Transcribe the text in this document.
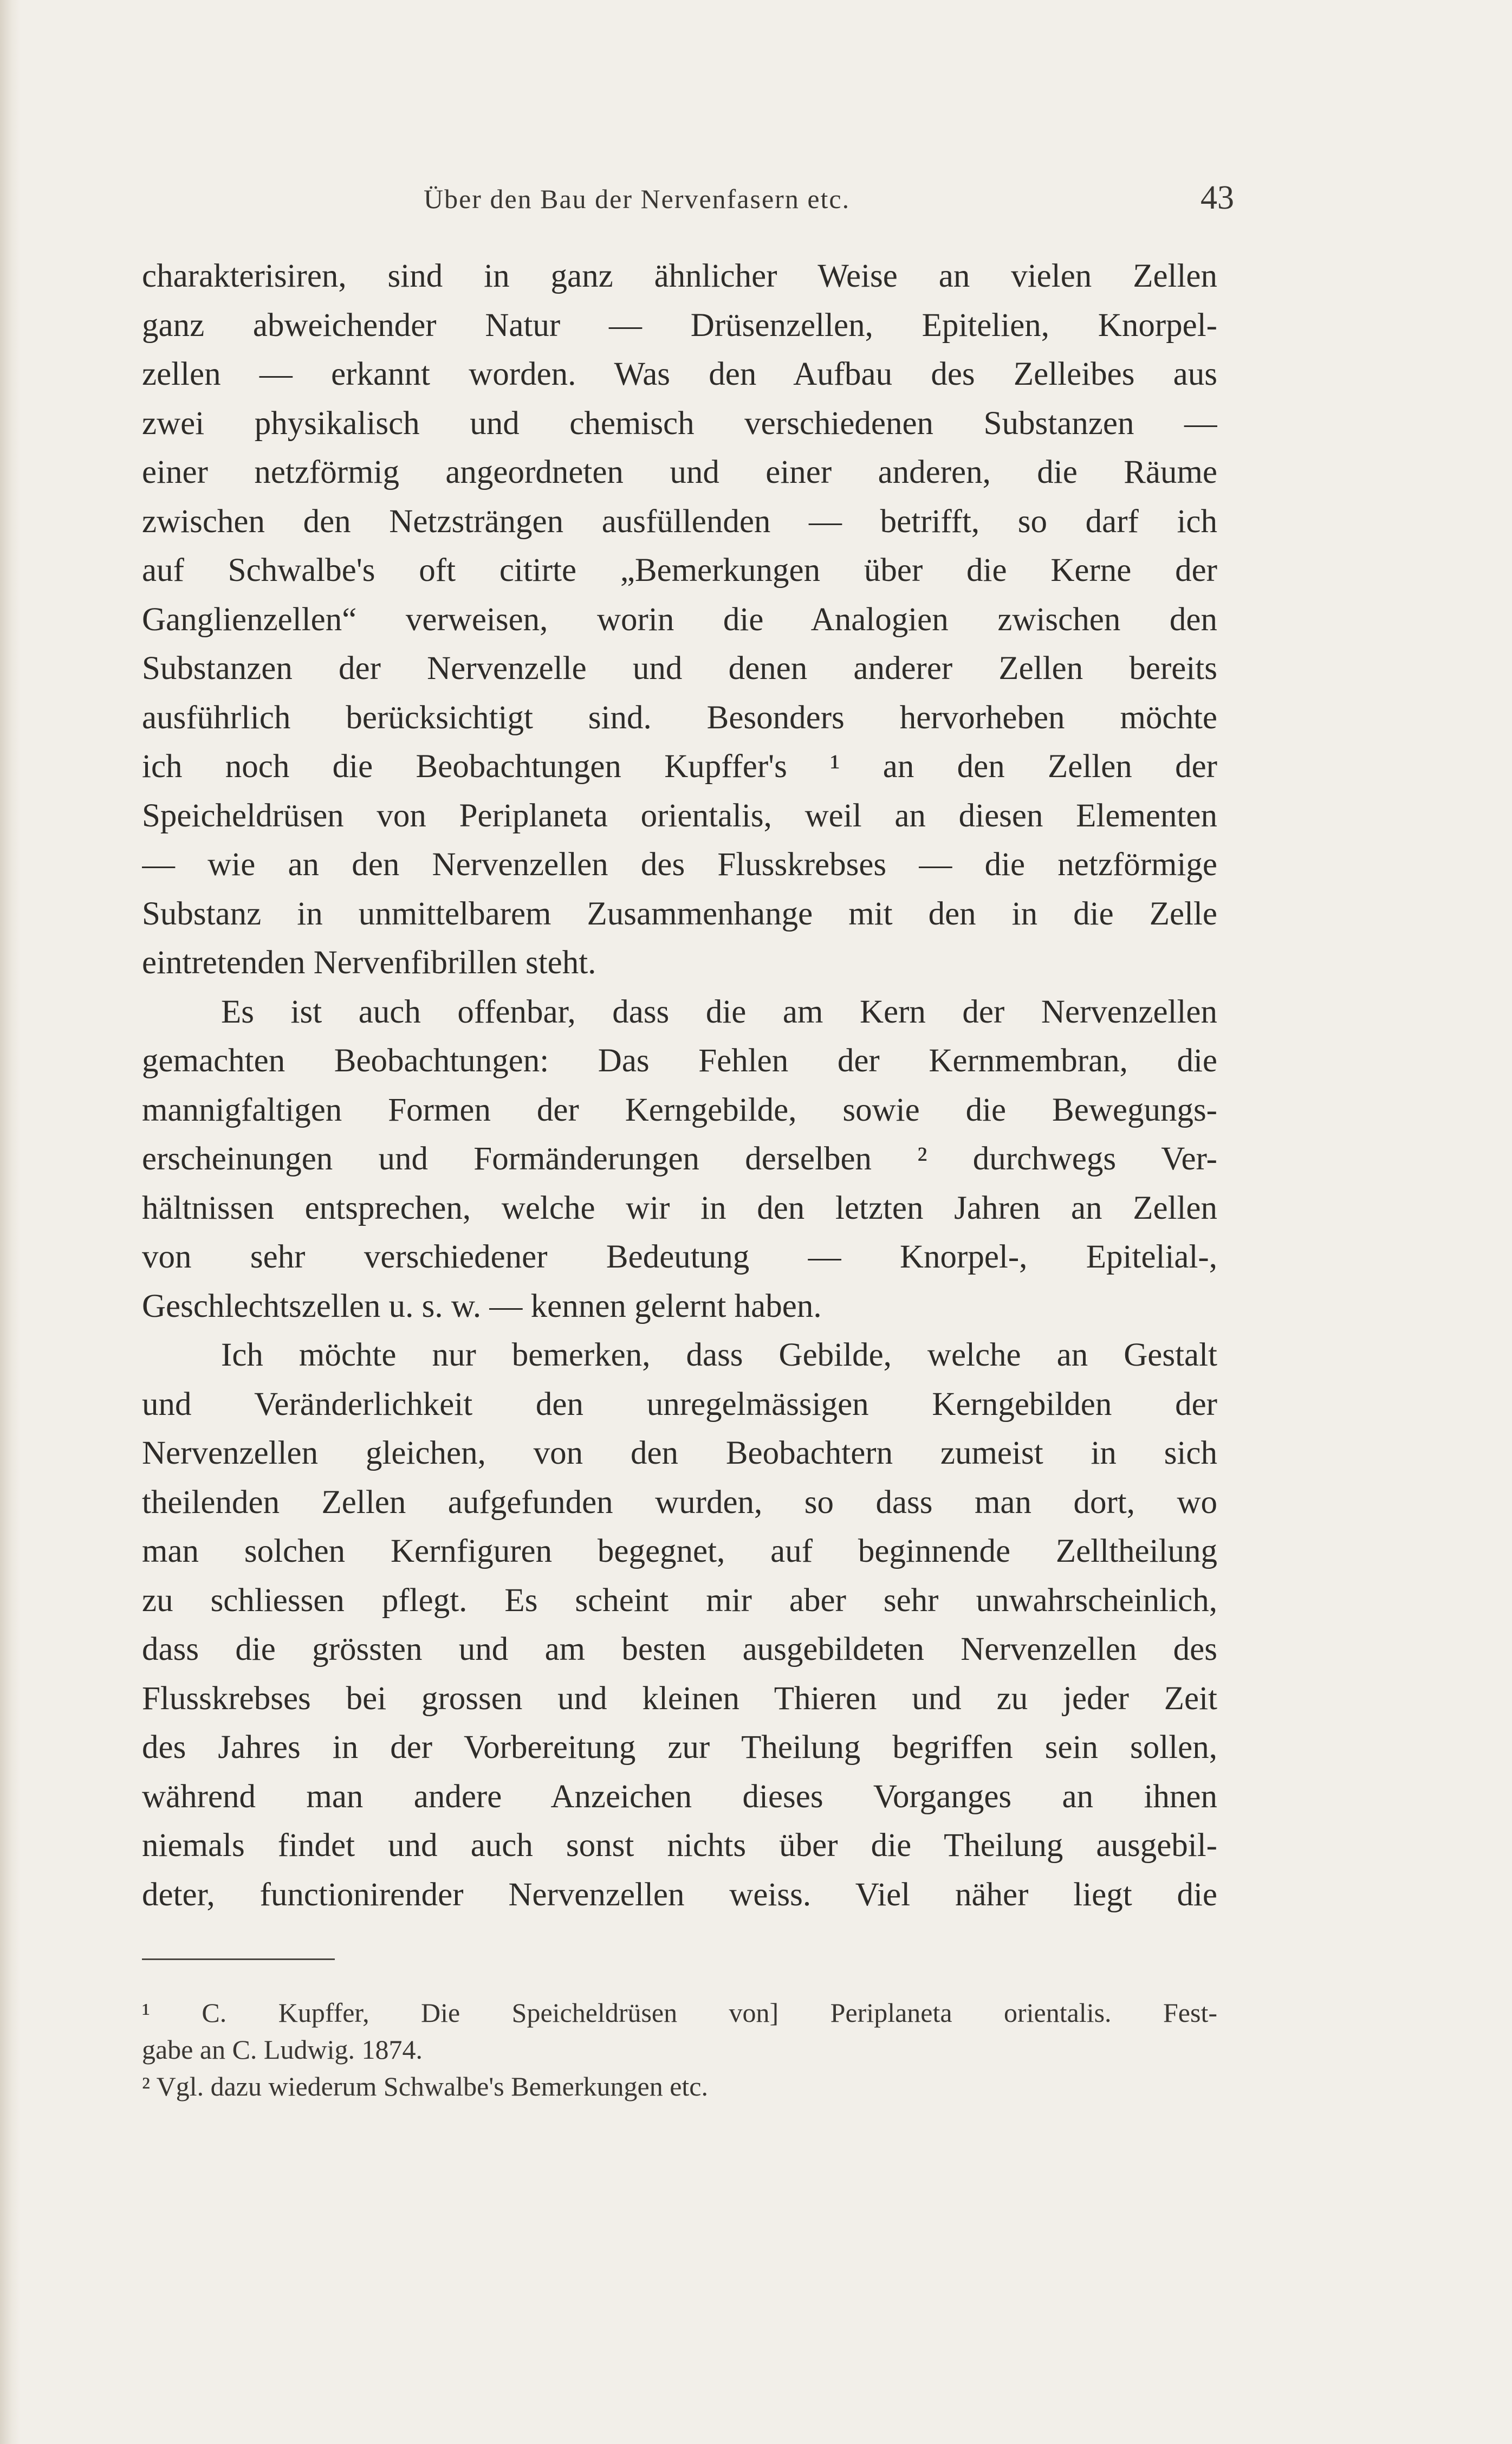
Über den Bau der Nervenfasern etc.	43
charakterisiren, sind in ganz ähnlicher Weise an vielen Zellen
ganz abweichender Natur — Drüsenzellen, Epitelien, Knorpel-
zellen — erkannt worden. Was den Aufbau des Zelleibes aus
zwei physikalisch und chemisch verschiedenen Substanzen —
einer netzförmig angeordneten und einer anderen, die Räume
zwischen den Netzsträngen ausfüllenden — betrifft, so darf ich
auf Schwalbe's oft citirte „Bemerkungen über die Kerne der
Ganglienzellen“ verweisen, worin die Analogien zwischen den
Substanzen der Nervenzelle und denen anderer Zellen bereits
ausführlich berücksichtigt sind. Besonders hervorheben möchte
ich noch die Beobachtungen Kupffer's ¹ an den Zellen der
Speicheldrüsen von Periplaneta orientalis, weil an diesen Elementen
— wie an den Nervenzellen des Flusskrebses — die netzförmige
Substanz in unmittelbarem Zusammenhange mit den in die Zelle
eintretenden Nervenfibrillen steht.
Es ist auch offenbar, dass die am Kern der Nervenzellen
gemachten Beobachtungen: Das Fehlen der Kernmembran, die
mannigfaltigen Formen der Kerngebilde, sowie die Bewegungs-
erscheinungen und Formänderungen derselben ² durchwegs Ver-
hältnissen entsprechen, welche wir in den letzten Jahren an Zellen
von sehr verschiedener Bedeutung — Knorpel-, Epitelial-,
Geschlechtszellen u. s. w. — kennen gelernt haben.
Ich möchte nur bemerken, dass Gebilde, welche an Gestalt
und Veränderlichkeit den unregelmässigen Kerngebilden der
Nervenzellen gleichen, von den Beobachtern zumeist in sich
theilenden Zellen aufgefunden wurden, so dass man dort, wo
man solchen Kernfiguren begegnet, auf beginnende Zelltheilung
zu schliessen pflegt. Es scheint mir aber sehr unwahrscheinlich,
dass die grössten und am besten ausgebildeten Nervenzellen des
Flusskrebses bei grossen und kleinen Thieren und zu jeder Zeit
des Jahres in der Vorbereitung zur Theilung begriffen sein sollen,
während man andere Anzeichen dieses Vorganges an ihnen
niemals findet und auch sonst nichts über die Theilung ausgebil-
deter, functionirender Nervenzellen weiss. Viel näher liegt die
¹ C. Kupffer, Die Speicheldrüsen von] Periplaneta orientalis. Fest-
gabe an C. Ludwig. 1874.
² Vgl. dazu wiederum Schwalbe's Bemerkungen etc.
